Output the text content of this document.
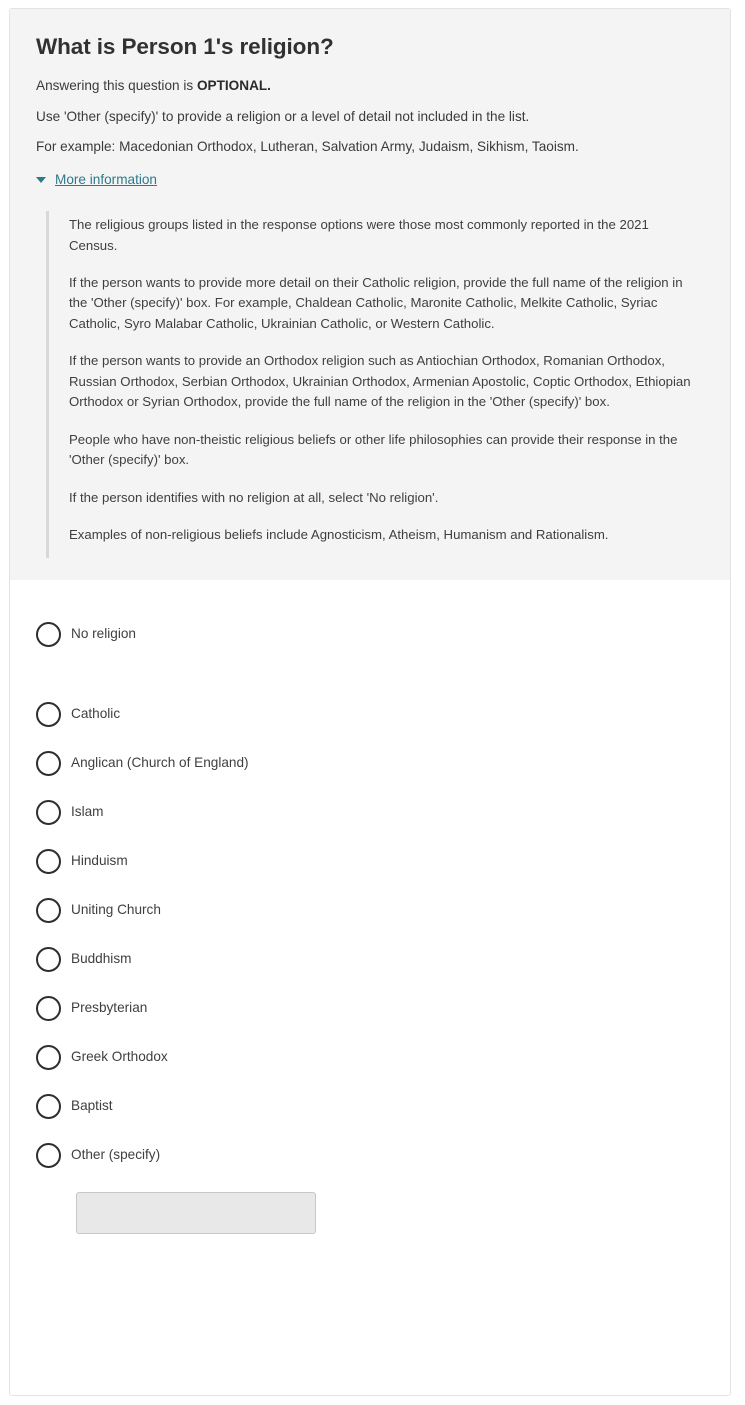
What is Person 1's religion?

Answering this question is OPTIONAL.

Use 'Other (specify)' to provide a religion or a level of detail not included in the list.

For example: Macedonian Orthodox, Lutheran, Salvation Army, Judaism, Sikhism, Taoism.

More information

The religious groups listed in the response options were those most commonly reported in the 2021 Census.

If the person wants to provide more detail on their Catholic religion, provide the full name of the religion in the 'Other (specify)' box. For example, Chaldean Catholic, Maronite Catholic, Melkite Catholic, Syriac Catholic, Syro Malabar Catholic, Ukrainian Catholic, or Western Catholic.

If the person wants to provide an Orthodox religion such as Antiochian Orthodox, Romanian Orthodox, Russian Orthodox, Serbian Orthodox, Ukrainian Orthodox, Armenian Apostolic, Coptic Orthodox, Ethiopian Orthodox or Syrian Orthodox, provide the full name of the religion in the 'Other (specify)' box.

People who have non-theistic religious beliefs or other life philosophies can provide their response in the 'Other (specify)' box.

If the person identifies with no religion at all, select 'No religion'.

Examples of non-religious beliefs include Agnosticism, Atheism, Humanism and Rationalism.

No religion
Catholic
Anglican (Church of England)
Islam
Hinduism
Uniting Church
Buddhism
Presbyterian
Greek Orthodox
Baptist
Other (specify)
